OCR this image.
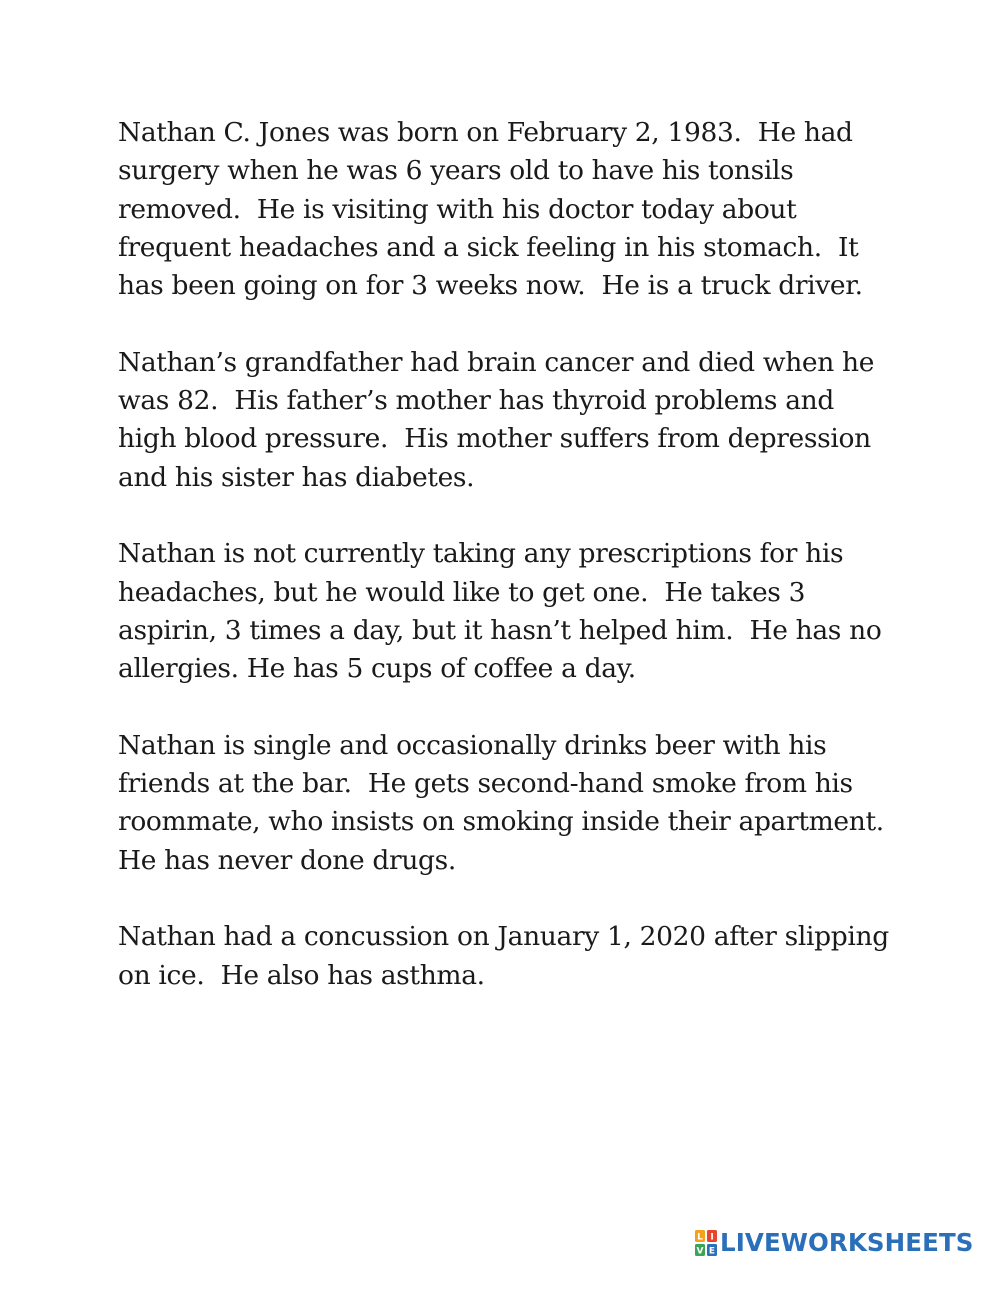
Nathan C. Jones was born on February 2, 1983.  He had
surgery when he was 6 years old to have his tonsils
removed.  He is visiting with his doctor today about
frequent headaches and a sick feeling in his stomach.  It
has been going on for 3 weeks now.  He is a truck driver.

Nathan’s grandfather had brain cancer and died when he
was 82.  His father’s mother has thyroid problems and
high blood pressure.  His mother suffers from depression
and his sister has diabetes.

Nathan is not currently taking any prescriptions for his
headaches, but he would like to get one.  He takes 3
aspirin, 3 times a day, but it hasn’t helped him.  He has no
allergies. He has 5 cups of coffee a day.

Nathan is single and occasionally drinks beer with his
friends at the bar.  He gets second-hand smoke from his
roommate, who insists on smoking inside their apartment.
He has never done drugs.

Nathan had a concussion on January 1, 2020 after slipping
on ice.  He also has asthma.

L I
V E LIVEWORKSHEETS
